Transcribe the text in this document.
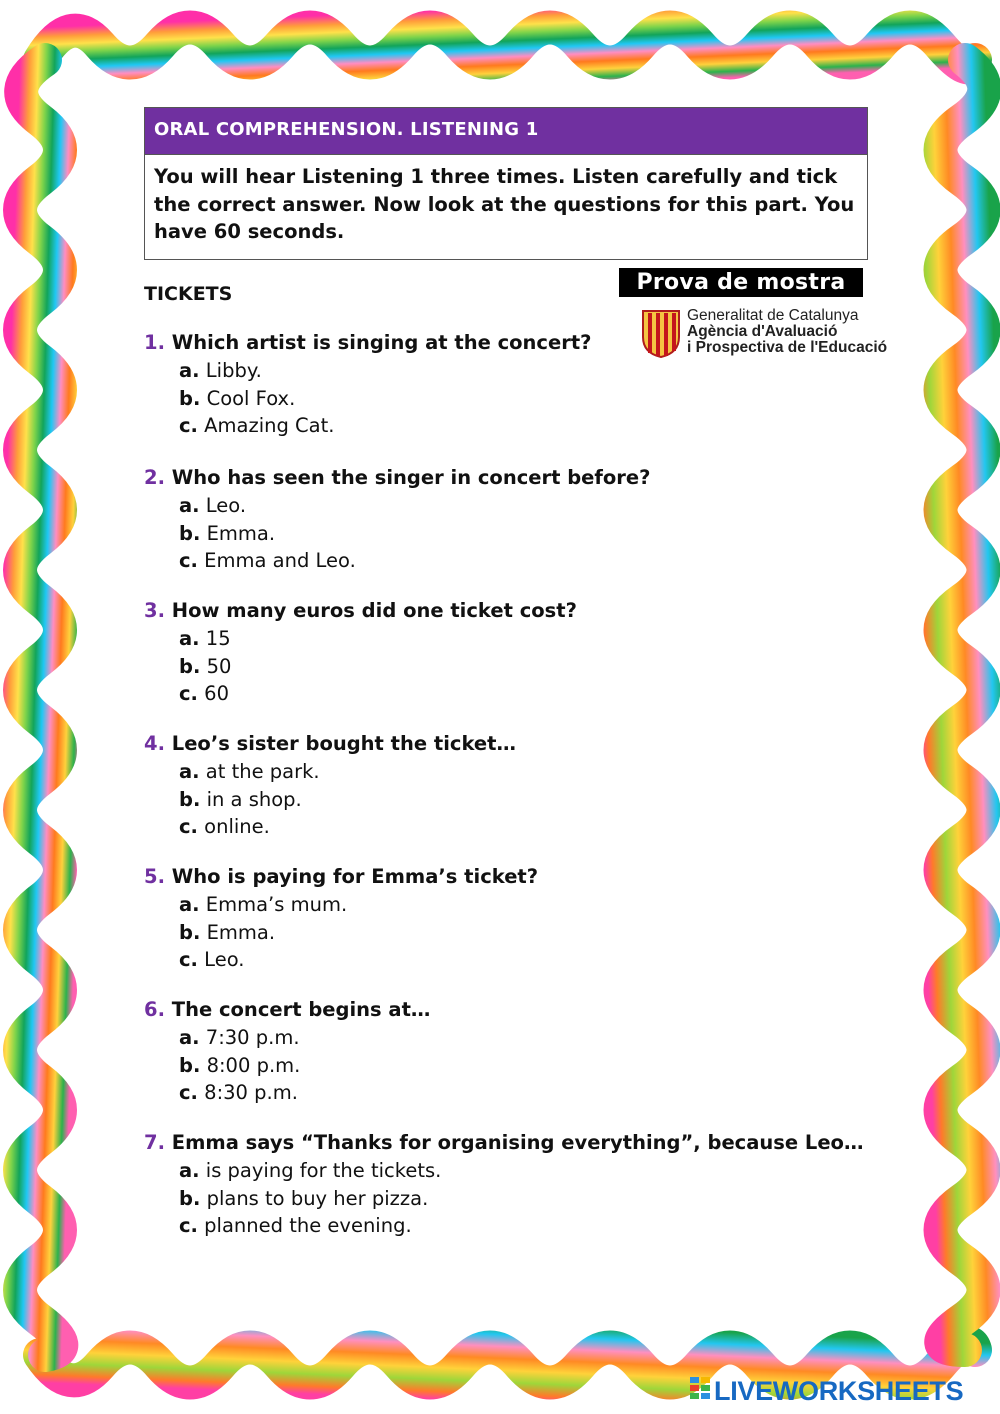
ORAL COMPREHENSION. LISTENING 1
You will hear Listening 1 three times. Listen carefully and tick the correct answer. Now look at the questions for this part. You have 60 seconds.
Prova de mostra
Generalitat de Catalunya
Agència d'Avaluació
i Prospectiva de l'Educació
TICKETS
1. Which artist is singing at the concert?
a. Libby.
b. Cool Fox.
c. Amazing Cat.
2. Who has seen the singer in concert before?
a. Leo.
b. Emma.
c. Emma and Leo.
3. How many euros did one ticket cost?
a. 15
b. 50
c. 60
4. Leo’s sister bought the ticket…
a. at the park.
b. in a shop.
c. online.
5. Who is paying for Emma’s ticket?
a. Emma’s mum.
b. Emma.
c. Leo.
6. The concert begins at…
a. 7:30 p.m.
b. 8:00 p.m.
c. 8:30 p.m.
7. Emma says “Thanks for organising everything”, because Leo…
a. is paying for the tickets.
b. plans to buy her pizza.
c. planned the evening.
LIVEWORKSHEETS
